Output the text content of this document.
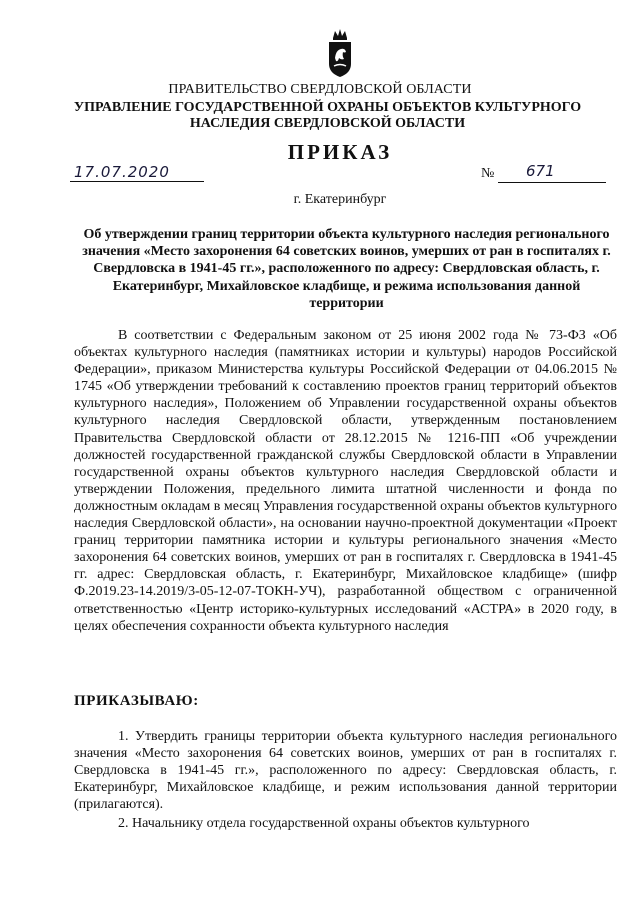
ПРАВИТЕЛЬСТВО СВЕРДЛОВСКОЙ ОБЛАСТИ
УПРАВЛЕНИЕ ГОСУДАРСТВЕННОЙ ОХРАНЫ ОБЪЕКТОВ КУЛЬТУРНОГО НАСЛЕДИЯ СВЕРДЛОВСКОЙ ОБЛАСТИ
ПРИКАЗ
17.07.2020	№	671
г. Екатеринбург
Об утверждении границ территории объекта культурного наследия регионального значения «Место захоронения 64 советских воинов, умерших от ран в госпиталях г. Свердловска в 1941-45 гг.», расположенного по адресу: Свердловская область, г. Екатеринбург, Михайловское кладбище, и режима использования данной территории

В соответствии с Федеральным законом от 25 июня 2002 года № 73-ФЗ «Об объектах культурного наследия (памятниках истории и культуры) народов Российской Федерации», приказом Министерства культуры Российской Федерации от 04.06.2015 № 1745 «Об утверждении требований к составлению проектов границ территорий объектов культурного наследия», Положением об Управлении государственной охраны объектов культурного наследия Свердловской области, утвержденным постановлением Правительства Свердловской области от 28.12.2015 № 1216-ПП «Об учреждении должностей государственной гражданской службы Свердловской области в Управлении государственной охраны объектов культурного наследия Свердловской области и утверждении Положения, предельного лимита штатной численности и фонда по должностным окладам в месяц Управления государственной охраны объектов культурного наследия Свердловской области», на основании научно-проектной документации «Проект границ территории памятника истории и культуры регионального значения «Место захоронения 64 советских воинов, умерших от ран в госпиталях г. Свердловска в 1941-45 гг. адрес: Свердловская область, г. Екатеринбург, Михайловское кладбище» (шифр Ф.2019.23-14.2019/3-05-12-07-ТОКН-УЧ), разработанной обществом с ограниченной ответственностью «Центр историко-культурных исследований «АСТРА» в 2020 году, в целях обеспечения сохранности объекта культурного наследия

ПРИКАЗЫВАЮ:

1. Утвердить границы территории объекта культурного наследия регионального значения «Место захоронения 64 советских воинов, умерших от ран в госпиталях г. Свердловска в 1941-45 гг.», расположенного по адресу: Свердловская область, г. Екатеринбург, Михайловское кладбище, и режим использования данной территории (прилагаются).

2. Начальнику отдела государственной охраны объектов культурного
